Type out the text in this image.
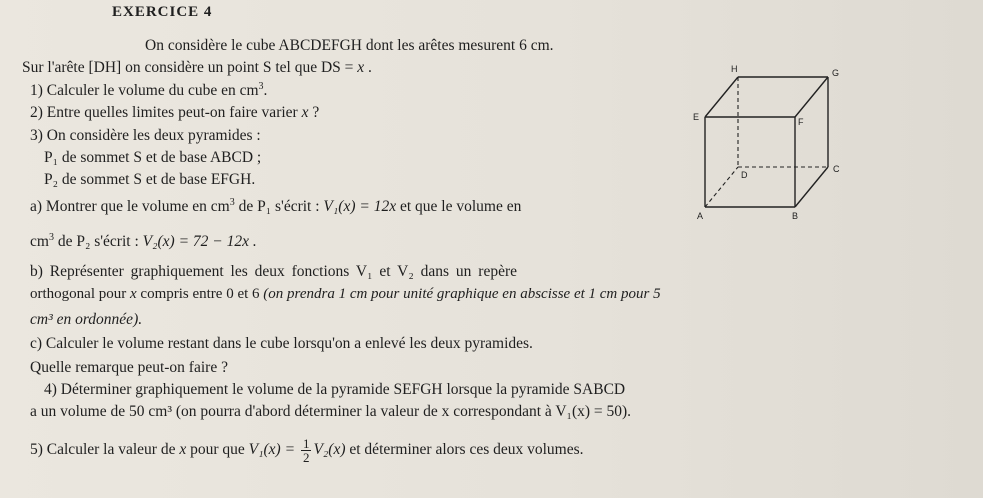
EXERCICE 4
On considère le cube ABCDEFGH dont les arêtes mesurent 6 cm.
Sur l'arête [DH] on considère un point S tel que DS = x .
1) Calculer le volume du cube en $cm^3$.
2) Entre quelles limites peut-on faire varier x ?
3) On considère les deux pyramides :
P₁ de sommet S et de base ABCD ;
P₂ de sommet S et de base EFGH.
a) Montrer que le volume en $cm^3$ de P₁ s'écrit : V₁(x) = 12x et que le volume en
$cm^3$ de P₂ s'écrit : V₂(x) = 72 − 12x .
b) Représenter graphiquement les deux fonctions V₁ et V₂ dans un repère
orthogonal pour x compris entre 0 et 6 (on prendra 1 cm pour unité graphique en abscisse et 1 cm pour 5
cm³ en ordonnée).
c) Calculer le volume restant dans le cube lorsqu'on a enlevé les deux pyramides.
Quelle remarque peut-on faire ?
4) Déterminer graphiquement le volume de la pyramide SEFGH lorsque la pyramide SABCD
a un volume de 50 cm³ (on pourra d'abord déterminer la valeur de x correspondant à V₁(x) = 50).
5) Calculer la valeur de x pour que $V_1(x) = \frac{1}{2} V_2(x)$ et déterminer alors ces deux volumes.
H	G
E	F
D
C
A	B
